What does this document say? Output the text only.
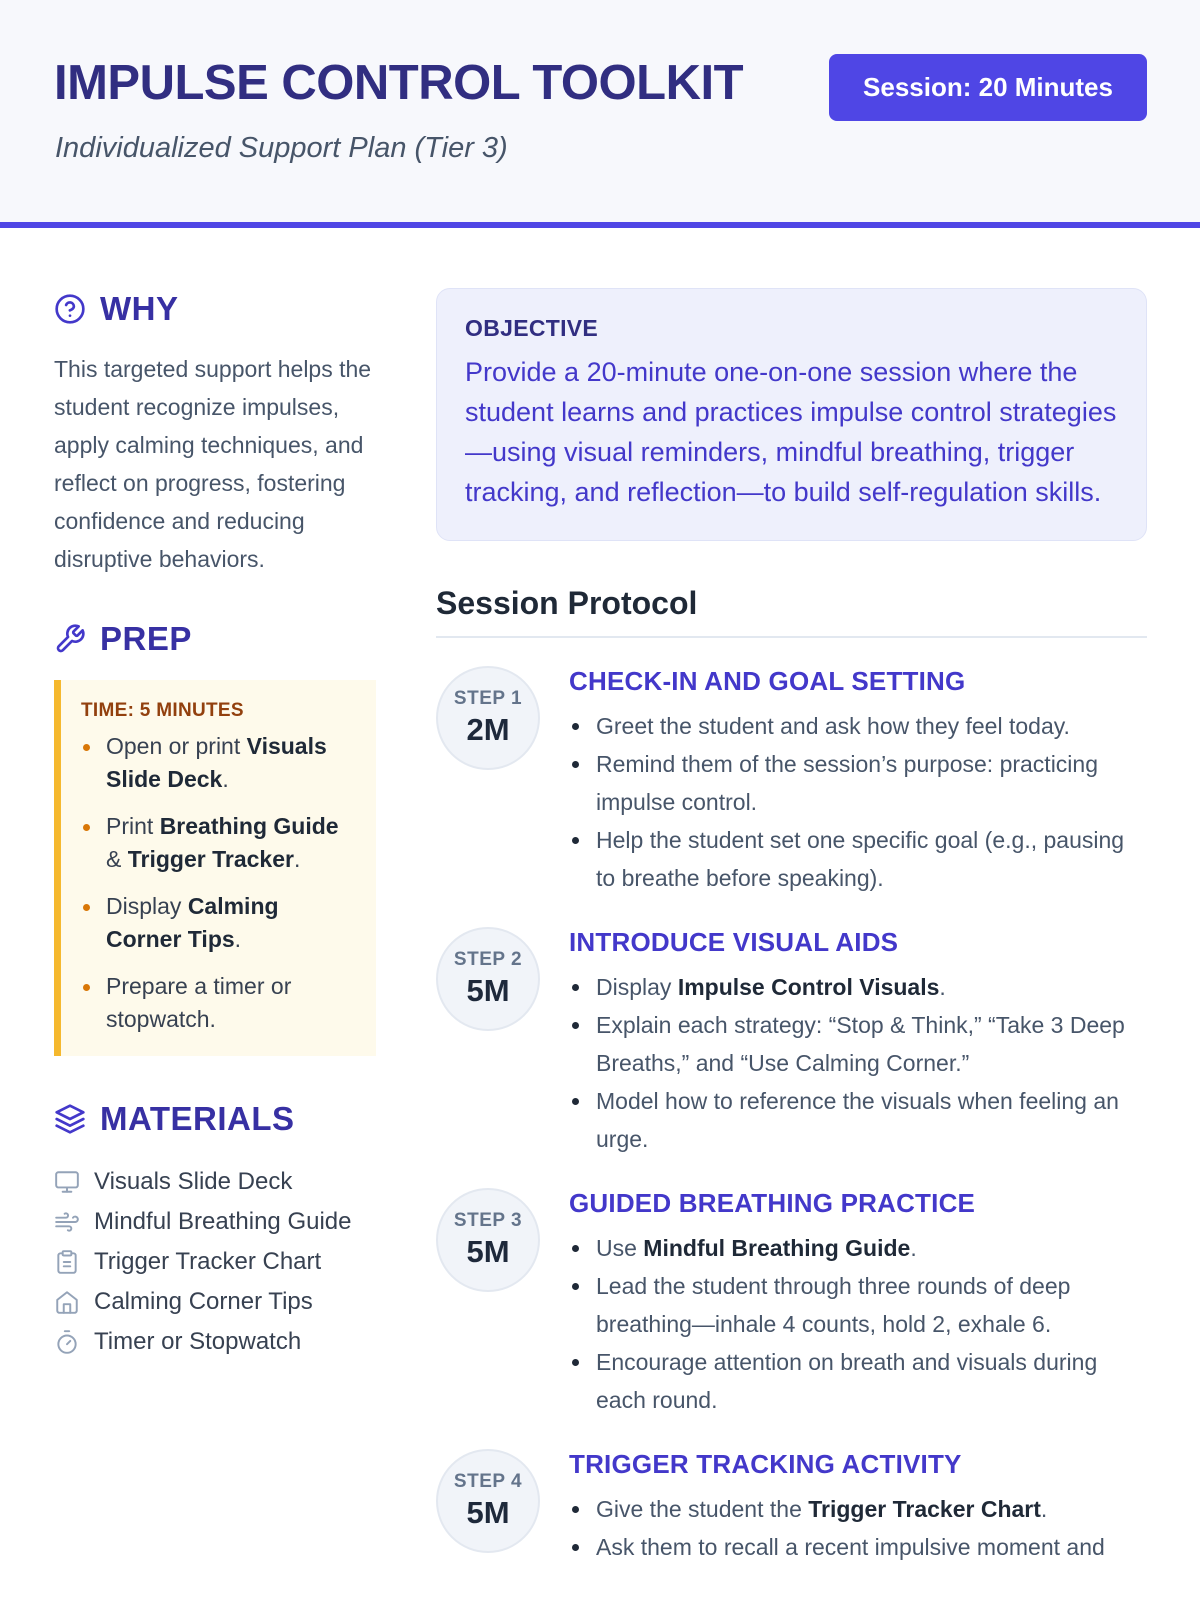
IMPULSE CONTROL TOOLKIT

Individualized Support Plan (Tier 3)

Session: 20 Minutes
WHY
This targeted support helps the student recognize impulses, apply calming techniques, and reflect on progress, fostering confidence and reducing disruptive behaviors.
PREP
TIME: 5 MINUTES
Open or print Visuals Slide Deck.
Print Breathing Guide & Trigger Tracker.
Display Calming Corner Tips.
Prepare a timer or stopwatch.
MATERIALS
Visuals Slide Deck
Mindful Breathing Guide
Trigger Tracker Chart
Calming Corner Tips
Timer or Stopwatch
OBJECTIVE
Provide a 20-minute one-on-one session where the student learns and practices impulse control strategies—using visual reminders, mindful breathing, trigger tracking, and reflection—to build self-regulation skills.
Session Protocol
STEP 1
2M
CHECK-IN AND GOAL SETTING
Greet the student and ask how they feel today.
Remind them of the session’s purpose: practicing impulse control.
Help the student set one specific goal (e.g., pausing to breathe before speaking).
STEP 2
5M
INTRODUCE VISUAL AIDS
Display Impulse Control Visuals.
Explain each strategy: “Stop & Think,” “Take 3 Deep Breaths,” and “Use Calming Corner.”
Model how to reference the visuals when feeling an urge.
STEP 3
5M
GUIDED BREATHING PRACTICE
Use Mindful Breathing Guide.
Lead the student through three rounds of deep breathing—inhale 4 counts, hold 2, exhale 6.
Encourage attention on breath and visuals during each round.
STEP 4
5M
TRIGGER TRACKING ACTIVITY
Give the student the Trigger Tracker Chart.
Ask them to recall a recent impulsive moment and
